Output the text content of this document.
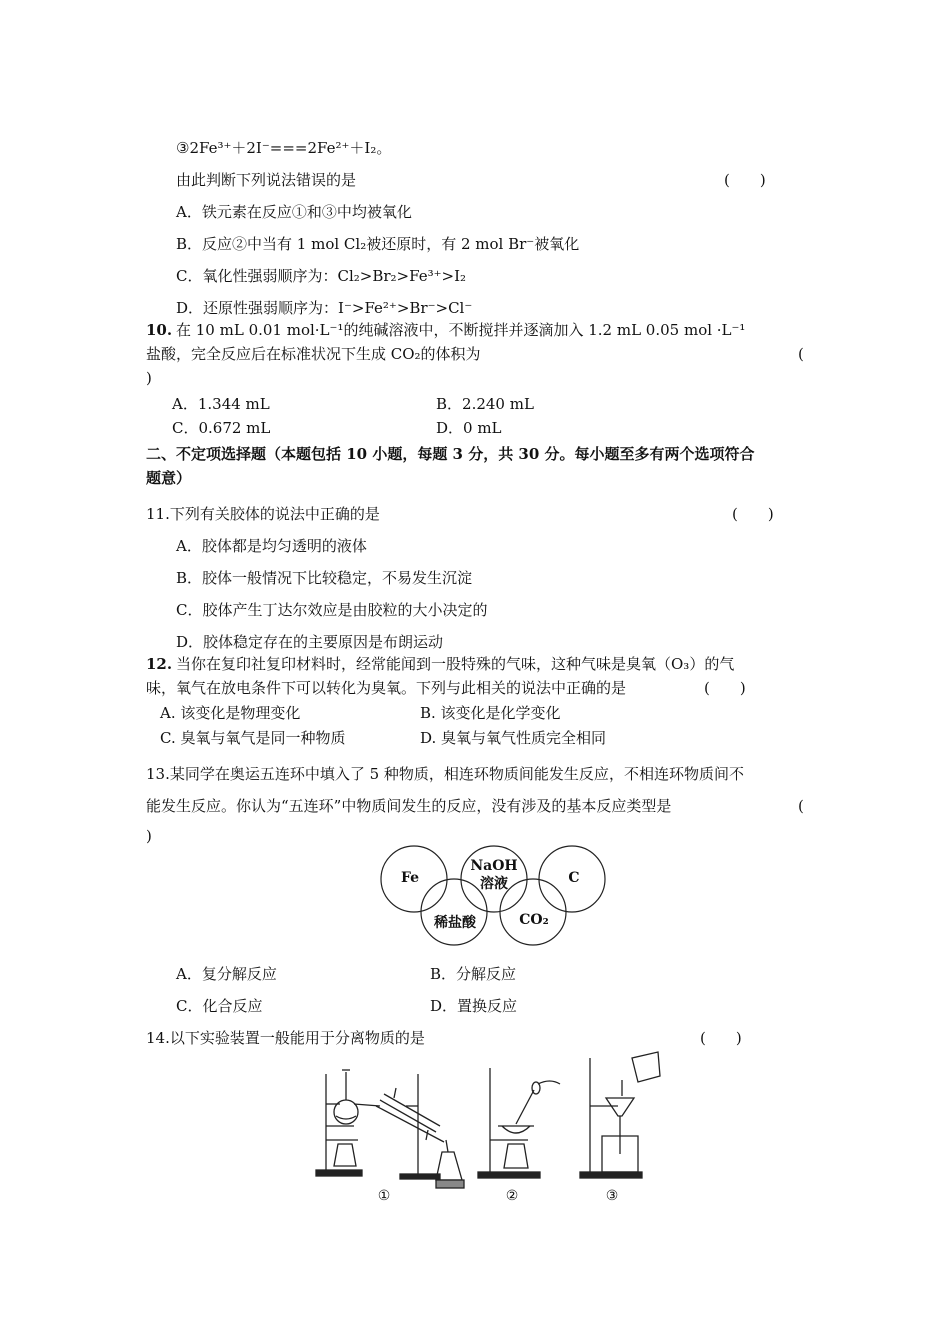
③2Fe³⁺＋2I⁻===2Fe²⁺＋I₂。
由此判断下列说法错误的是	(　　)
A．铁元素在反应①和③中均被氧化
B．反应②中当有 1 mol Cl₂被还原时，有 2 mol Br⁻被氧化
C．氧化性强弱顺序为：Cl₂>Br₂>Fe³⁺>I₂
D．还原性强弱顺序为：I⁻>Fe²⁺>Br⁻>Cl⁻
10. 在 10 mL 0.01 mol·L⁻¹的纯碱溶液中，不断搅拌并逐滴加入 1.2 mL 0.05 mol ·L⁻¹
盐酸，完全反应后在标准状况下生成 CO₂的体积为	(
)
A．1.344 mL	B．2.240 mL
C．0.672 mL	D．0 mL
二、不定项选择题（本题包括 10 小题，每题 3 分，共 30 分。每小题至多有两个选项符合
题意）
11.下列有关胶体的说法中正确的是	(　　)
A．胶体都是均匀透明的液体
B．胶体一般情况下比较稳定，不易发生沉淀
C．胶体产生丁达尔效应是由胶粒的大小决定的
D．胶体稳定存在的主要原因是布朗运动
12. 当你在复印社复印材料时，经常能闻到一股特殊的气味，这种气味是臭氧（O₃）的气
味，氧气在放电条件下可以转化为臭氧。下列与此相关的说法中正确的是	(　　)
A. 该变化是物理变化	B. 该变化是化学变化
C. 臭氧与氧气是同一种物质	D. 臭氧与氧气性质完全相同
13.某同学在奥运五连环中填入了 5 种物质，相连环物质间能发生反应，不相连环物质间不
能发生反应。你认为“五连环”中物质间发生的反应，没有涉及的基本反应类型是	(
)
Fe
NaOH
溶液	C
稀盐酸	CO₂
A．复分解反应	B．分解反应
C．化合反应	D．置换反应
14.以下实验装置一般能用于分离物质的是	(　　)
①	②	③
